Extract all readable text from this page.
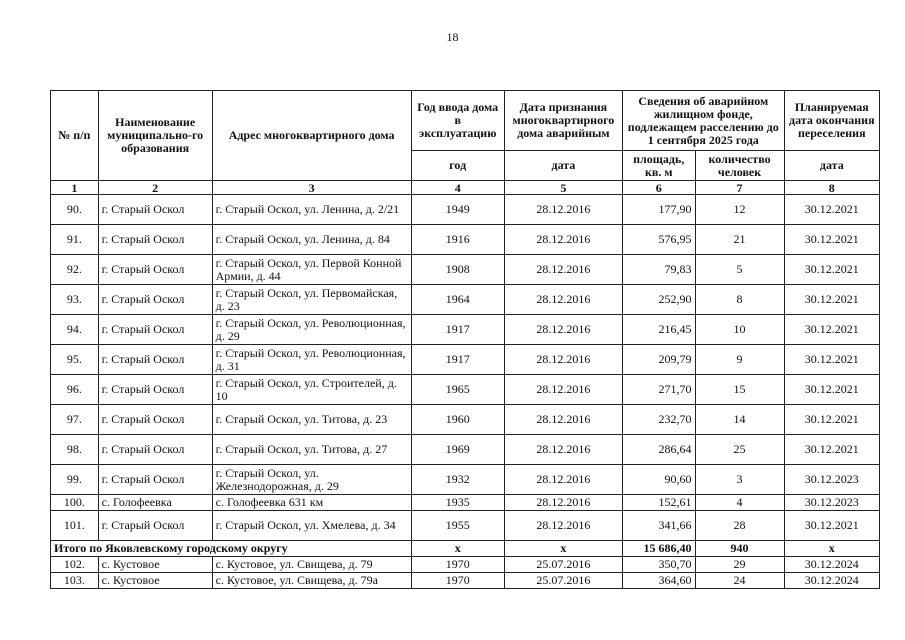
18
№ п/п	Наименование муниципально-го образования	Адрес многоквартирного дома	Год ввода дома в эксплуатацию	Дата признания многоквартирного дома аварийным	Сведения об аварийном жилищном фонде, подлежащем расселению до 1 сентября 2025 года		Планируемая дата окончания переселения
			год	дата	площадь, кв. м	количество человек	дата
1	2	3	4	5	6	7	8
90.	г. Старый Оскол	г. Старый Оскол, ул. Ленина, д. 2/21	1949	28.12.2016	177,90	12	30.12.2021
91.	г. Старый Оскол	г. Старый Оскол, ул. Ленина, д. 84	1916	28.12.2016	576,95	21	30.12.2021
92.	г. Старый Оскол	г. Старый Оскол, ул. Первой Конной Армии, д. 44	1908	28.12.2016	79,83	5	30.12.2021
93.	г. Старый Оскол	г. Старый Оскол, ул. Первомайская, д. 23	1964	28.12.2016	252,90	8	30.12.2021
94.	г. Старый Оскол	г. Старый Оскол, ул. Революционная, д. 29	1917	28.12.2016	216,45	10	30.12.2021
95.	г. Старый Оскол	г. Старый Оскол, ул. Революционная, д. 31	1917	28.12.2016	209,79	9	30.12.2021
96.	г. Старый Оскол	г. Старый Оскол, ул. Строителей, д. 10	1965	28.12.2016	271,70	15	30.12.2021
97.	г. Старый Оскол	г. Старый Оскол, ул. Титова, д. 23	1960	28.12.2016	232,70	14	30.12.2021
98.	г. Старый Оскол	г. Старый Оскол, ул. Титова, д. 27	1969	28.12.2016	286,64	25	30.12.2021
99.	г. Старый Оскол	г. Старый Оскол, ул. Железнодорожная, д. 29	1932	28.12.2016	90,60	3	30.12.2023
100.	с. Голофеевка	с. Голофеевка 631 км	1935	28.12.2016	152,61	4	30.12.2023
101.	г. Старый Оскол	г. Старый Оскол, ул. Хмелева, д. 34	1955	28.12.2016	341,66	28	30.12.2021
Итого по Яковлевскому городскому округу			х	х	15 686,40	940	х
102.	с. Кустовое	с. Кустовое, ул. Свищева, д. 79	1970	25.07.2016	350,70	29	30.12.2024
103.	с. Кустовое	с. Кустовое, ул. Свищева, д. 79а	1970	25.07.2016	364,60	24	30.12.2024
